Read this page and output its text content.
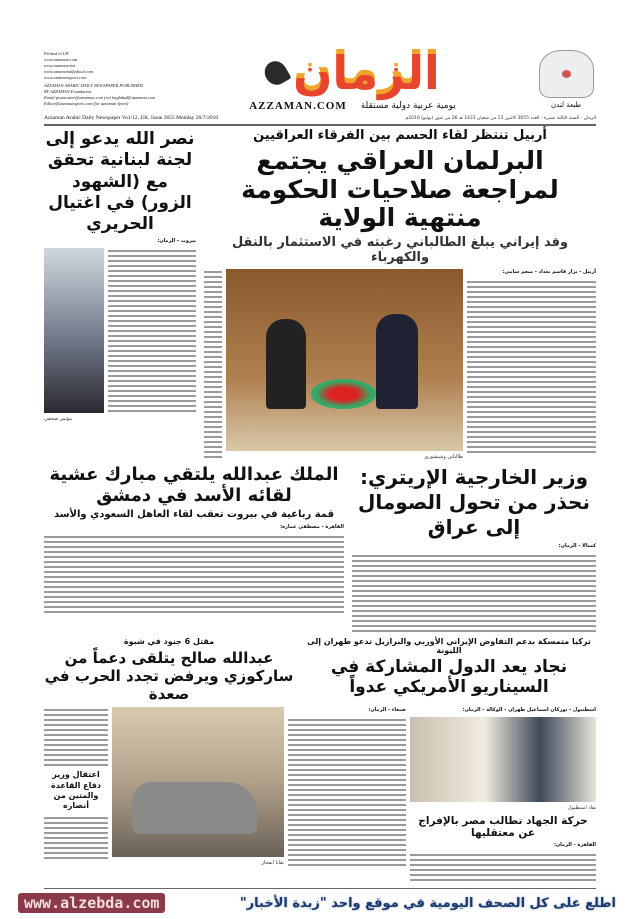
Printed in UK
www.azzaman.com
www.azzaman.net
www.azzamanalfadood.com
www.azzamansport.com
AZZAMAN ARABIC DAILY NEWSPAPER PUBLISHED
BY AZZAMAN Foundation.
Email:postmaster@azzaman.com (or) baghdad@azzaman.com
Editor@azzamansport.com (for azzaman Sport)
الزمان
AZZAMAN.COM يومية عربية دولية مستقلة	طبعة لندن
Azzaman Arabic Daily Newspaper Vo1/12. UK. Issue 3655 Monday 26/7/2010	الزمان - السنة الثالثة عشرة - العدد 3655 الاثنين 13 من شعبان 1431 هـ 26 من تموز (يوليو) 2010م
نصر الله يدعو إلى لجنة لبنانية تحقق مع (الشهود الزور) في اغتيال الحريري
بيروت - الزمان:
مؤتمر صحفي
أربيل تنتظر لقاء الحسم بين الفرقاء العراقيين
البرلمان العراقي يجتمع لمراجعة صلاحيات الحكومة منتهية الولاية
وفد إيراني يبلغ الطالباني رغبته في الاستثمار بالنقل والكهرباء
طالباني وشيشوري
أربيل - نزار قاسم بغداد - منعم سامي:
الملك عبدالله يلتقي مبارك عشية لقائه الأسد في دمشق
قمة رباعية في بيروت تعقب لقاء العاهل السعودي والأسد
القاهرة - مصطفى عمارة:
وزير الخارجية الإريتري: نحذر من تحول الصومال إلى عراق
كمبالا - الزمان:
مقتل 6 جنود في شبوة
عبدالله صالح يتلقى دعماً من ساركوزي ويرفض تجدد الحرب في صعدة
تركيا متمسكة بدعم التفاوض الإيراني الأوربي والبرازيل تدعو طهران إلى الليونة
نجاد يعد الدول المشاركة في السيناريو الأمريكي عدواً
اعتقال وزير دفاع القاعدة والمتين من أنصاره
بقايا انفجار
صنعاء - الزمان:	اسطنبول - توركان اسماعيل طهران - الوكالة - الزمان:
نقاد استطبول
حركة الجهاد تطالب مصر بالإفراج عن معتقليها
القاهرة - الزمان:
www.alzebda.com	اطلع على كل الصحف اليومية في موقع واحد "زبدة الأخبار"
